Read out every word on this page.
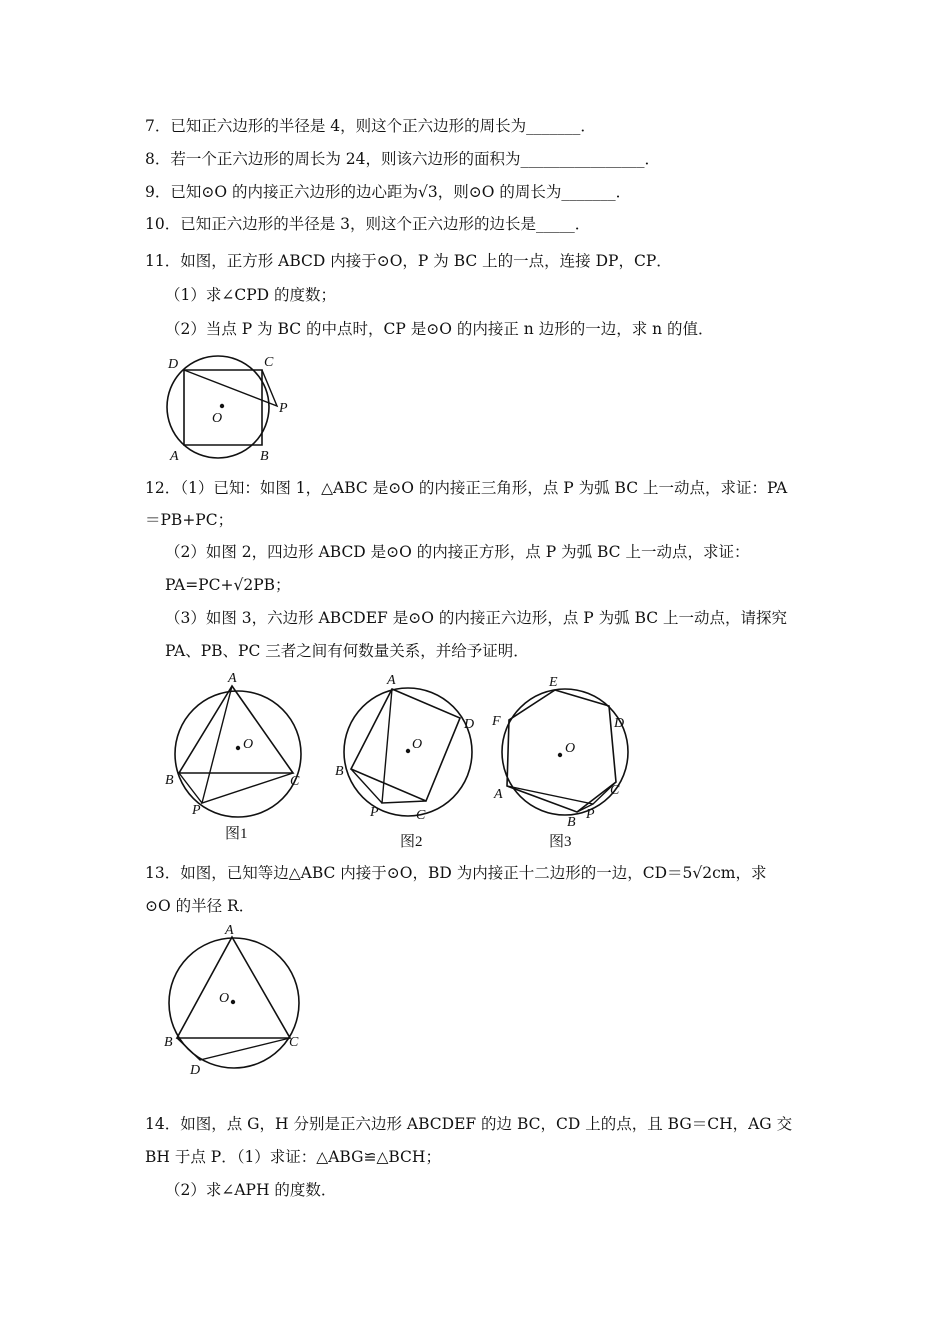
7．已知正六边形的半径是 4，则这个正六边形的周长为_______．
8．若一个正六边形的周长为 24，则该六边形的面积为________________．
9．已知⊙O 的内接正六边形的边心距为√3，则⊙O 的周长为_______．
10．已知正六边形的半径是 3，则这个正六边形的边长是_____．
11．如图，正方形 ABCD 内接于⊙O，P 为 BC 上的一点，连接 DP，CP．
（1）求∠CPD 的度数；
（2）当点 P 为 BC 的中点时，CP 是⊙O 的内接正 n 边形的一边，求 n 的值．
D	C
P
O
A	B
12．（1）已知：如图 1，△ABC 是⊙O 的内接正三角形，点 P 为弧 BC 上一动点，求证：PA
＝PB+PC；
（2）如图 2，四边形 ABCD 是⊙O 的内接正方形，点 P 为弧 BC 上一动点，求证：
PA=PC+√2PB；
（3）如图 3，六边形 ABCDEF 是⊙O 的内接正六边形，点 P 为弧 BC 上一动点，请探究
PA、PB、PC 三者之间有何数量关系，并给予证明．
A
O
B	C
P
图1
A
D
O
B
P	C
图2
E
F	D
O
A	C
B
P
图3
13．如图，已知等边△ABC 内接于⊙O，BD 为内接正十二边形的一边，CD＝5√2cm，求
⊙O 的半径 R．
A
O
B	C
D
14．如图，点 G，H 分别是正六边形 ABCDEF 的边 BC，CD 上的点，且 BG＝CH，AG 交
BH 于点 P．（1）求证：△ABG≌△BCH；
（2）求∠APH 的度数．
